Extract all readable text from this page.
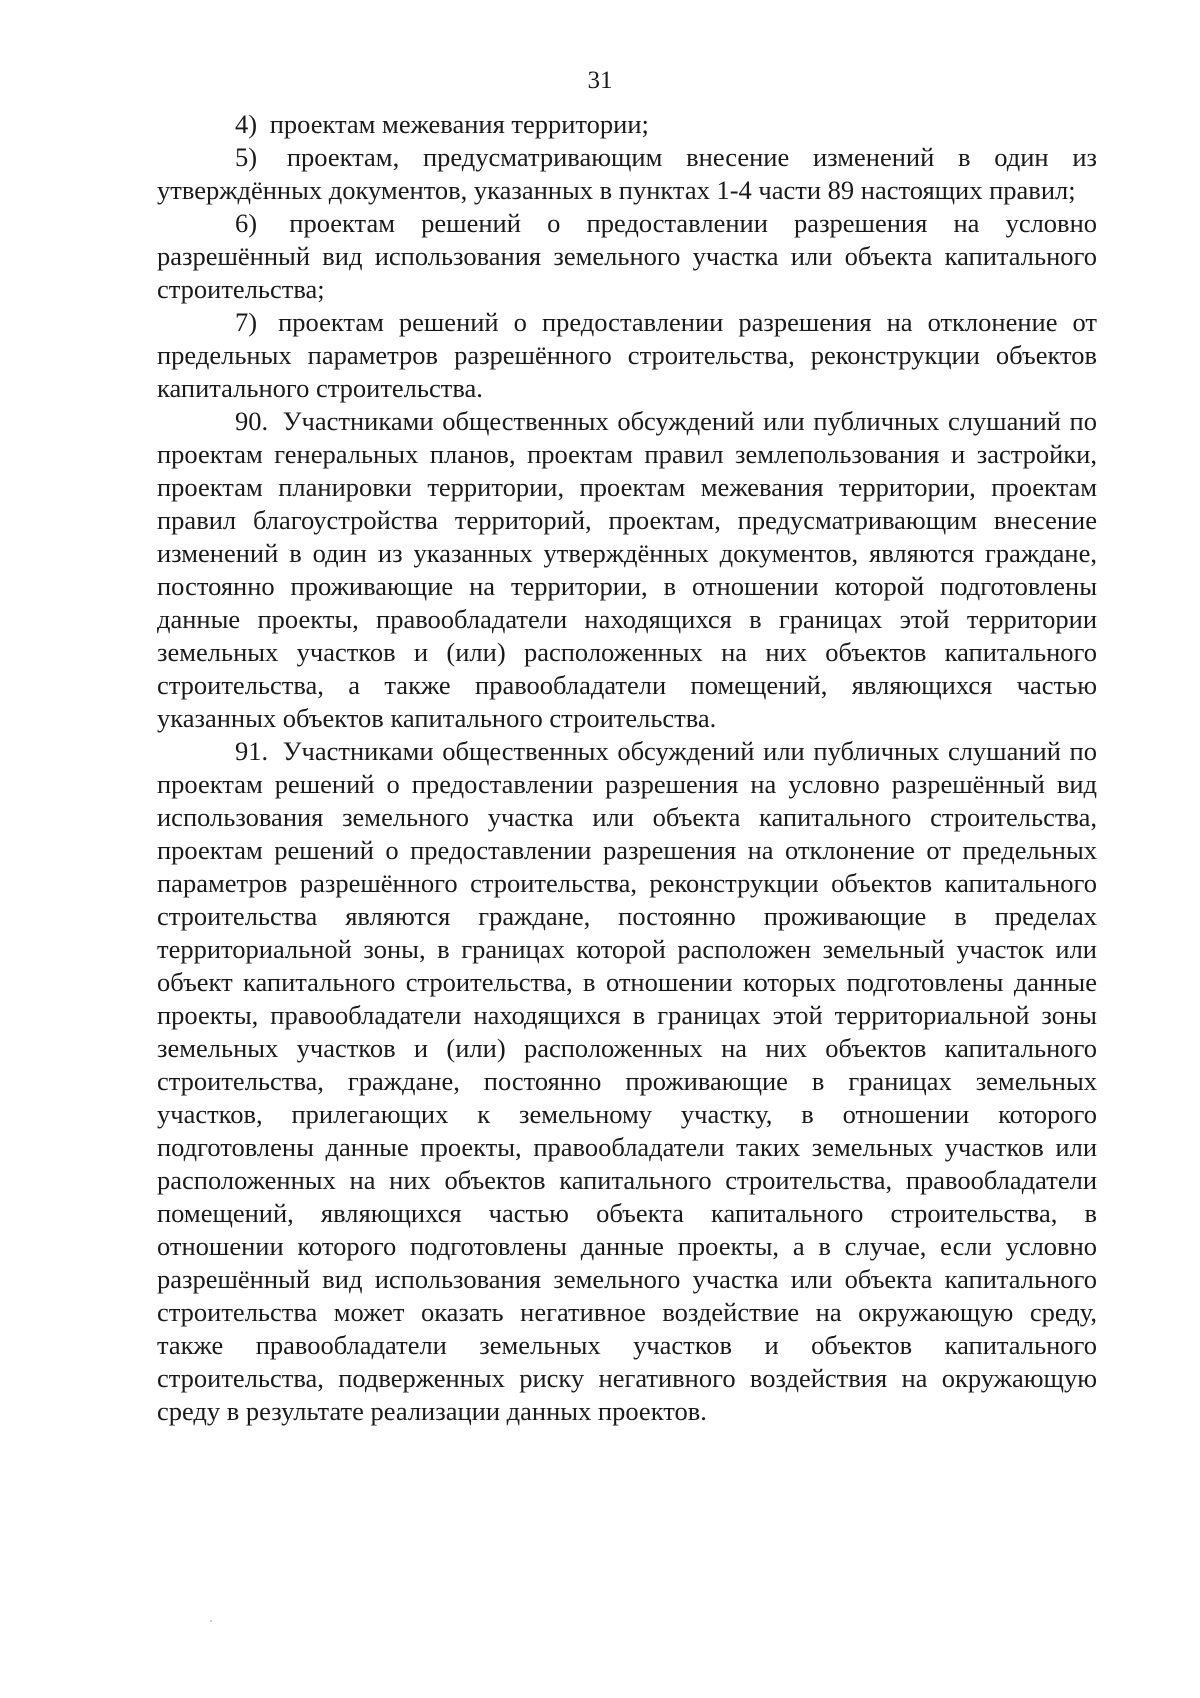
31

4) проектам межевания территории;

5) проектам, предусматривающим внесение изменений в один из утверждённых документов, указанных в пунктах 1-4 части 89 настоящих правил;

6) проектам решений о предоставлении разрешения на условно разрешённый вид использования земельного участка или объекта капитального строительства;

7) проектам решений о предоставлении разрешения на отклонение от предельных параметров разрешённого строительства, реконструкции объектов капитального строительства.

90. Участниками общественных обсуждений или публичных слушаний по проектам генеральных планов, проектам правил землепользования и застройки, проектам планировки территории, проектам межевания территории, проектам правил благоустройства территорий, проектам, предусматривающим внесение изменений в один из указанных утверждённых документов, являются граждане, постоянно проживающие на территории, в отношении которой подготовлены данные проекты, правообладатели находящихся в границах этой территории земельных участков и (или) расположенных на них объектов капитального строительства, а также правообладатели помещений, являющихся частью указанных объектов капитального строительства.

91. Участниками общественных обсуждений или публичных слушаний по проектам решений о предоставлении разрешения на условно разрешённый вид использования земельного участка или объекта капитального строительства, проектам решений о предоставлении разрешения на отклонение от предельных параметров разрешённого строительства, реконструкции объектов капитального строительства являются граждане, постоянно проживающие в пределах территориальной зоны, в границах которой расположен земельный участок или объект капитального строительства, в отношении которых подготовлены данные проекты, правообладатели находящихся в границах этой территориальной зоны земельных участков и (или) расположенных на них объектов капитального строительства, граждане, постоянно проживающие в границах земельных участков, прилегающих к земельному участку, в отношении которого подготовлены данные проекты, правообладатели таких земельных участков или расположенных на них объектов капитального строительства, правообладатели помещений, являющихся частью объекта капитального строительства, в отношении которого подготовлены данные проекты, а в случае, если условно разрешённый вид использования земельного участка или объекта капитального строительства может оказать негативное воздействие на окружающую среду, также правообладатели земельных участков и объектов капитального строительства, подверженных риску негативного воздействия на окружающую среду в результате реализации данных проектов.
